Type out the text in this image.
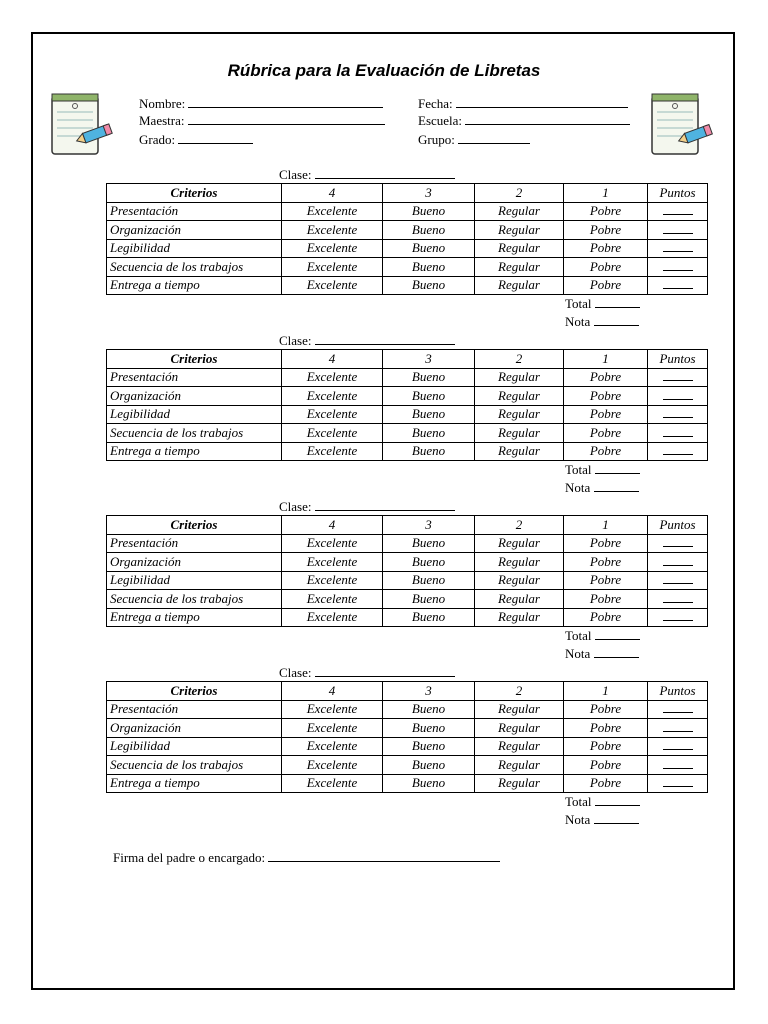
Rúbrica para la Evaluación de Libretas
Nombre:
Maestra:
Grado:
Fecha:
Escuela:
Grupo:
Clase:
Criterios	4	3	2	1	Puntos
Presentación	Excelente	Bueno	Regular	Pobre	
Organización	Excelente	Bueno	Regular	Pobre	
Legibilidad	Excelente	Bueno	Regular	Pobre	
Secuencia de los trabajos	Excelente	Bueno	Regular	Pobre	
Entrega a tiempo	Excelente	Bueno	Regular	Pobre	
Total
Nota
Clase:
Criterios	4	3	2	1	Puntos
Presentación	Excelente	Bueno	Regular	Pobre	
Organización	Excelente	Bueno	Regular	Pobre	
Legibilidad	Excelente	Bueno	Regular	Pobre	
Secuencia de los trabajos	Excelente	Bueno	Regular	Pobre	
Entrega a tiempo	Excelente	Bueno	Regular	Pobre	
Total
Nota
Clase:
Criterios	4	3	2	1	Puntos
Presentación	Excelente	Bueno	Regular	Pobre	
Organización	Excelente	Bueno	Regular	Pobre	
Legibilidad	Excelente	Bueno	Regular	Pobre	
Secuencia de los trabajos	Excelente	Bueno	Regular	Pobre	
Entrega a tiempo	Excelente	Bueno	Regular	Pobre	
Total
Nota
Clase:
Criterios	4	3	2	1	Puntos
Presentación	Excelente	Bueno	Regular	Pobre	
Organización	Excelente	Bueno	Regular	Pobre	
Legibilidad	Excelente	Bueno	Regular	Pobre	
Secuencia de los trabajos	Excelente	Bueno	Regular	Pobre	
Entrega a tiempo	Excelente	Bueno	Regular	Pobre	
Total
Nota
Firma del padre o encargado:
